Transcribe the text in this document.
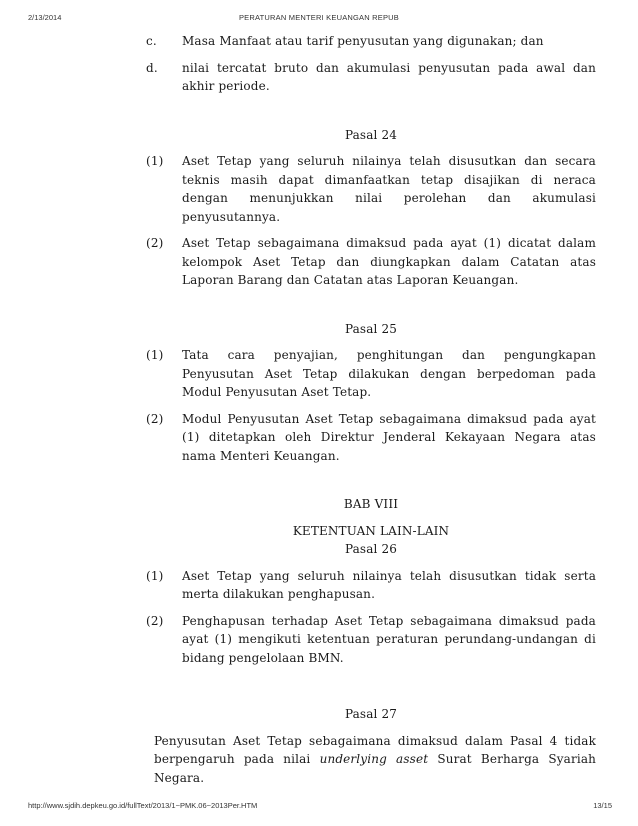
2/13/2014	PERATURAN MENTERI KEUANGAN REPUB
c. Masa Manfaat atau tarif penyusutan yang digunakan; dan
d. nilai tercatat bruto dan akumulasi penyusutan pada awal dan akhir periode.
Pasal 24
(1) Aset Tetap yang seluruh nilainya telah disusutkan dan secara teknis masih dapat dimanfaatkan tetap disajikan di neraca dengan menunjukkan nilai perolehan dan akumulasi penyusutannya.
(2) Aset Tetap sebagaimana dimaksud pada ayat (1) dicatat dalam kelompok Aset Tetap dan diungkapkan dalam Catatan atas Laporan Barang dan Catatan atas Laporan Keuangan.
Pasal 25
(1) Tata cara penyajian, penghitungan dan pengungkapan Penyusutan Aset Tetap dilakukan dengan berpedoman pada Modul Penyusutan Aset Tetap.
(2) Modul Penyusutan Aset Tetap sebagaimana dimaksud pada ayat (1) ditetapkan oleh Direktur Jenderal Kekayaan Negara atas nama Menteri Keuangan.
BAB VIII
KETENTUAN LAIN-LAIN
Pasal 26
(1) Aset Tetap yang seluruh nilainya telah disusutkan tidak serta merta dilakukan penghapusan.
(2) Penghapusan terhadap Aset Tetap sebagaimana dimaksud pada ayat (1) mengikuti ketentuan peraturan perundang-undangan di bidang pengelolaan BMN.
Pasal 27
Penyusutan Aset Tetap sebagaimana dimaksud dalam Pasal 4 tidak berpengaruh pada nilai underlying asset Surat Berharga Syariah Negara.
http://www.sjdih.depkeu.go.id/fullText/2013/1~PMK.06~2013Per.HTM	13/15
